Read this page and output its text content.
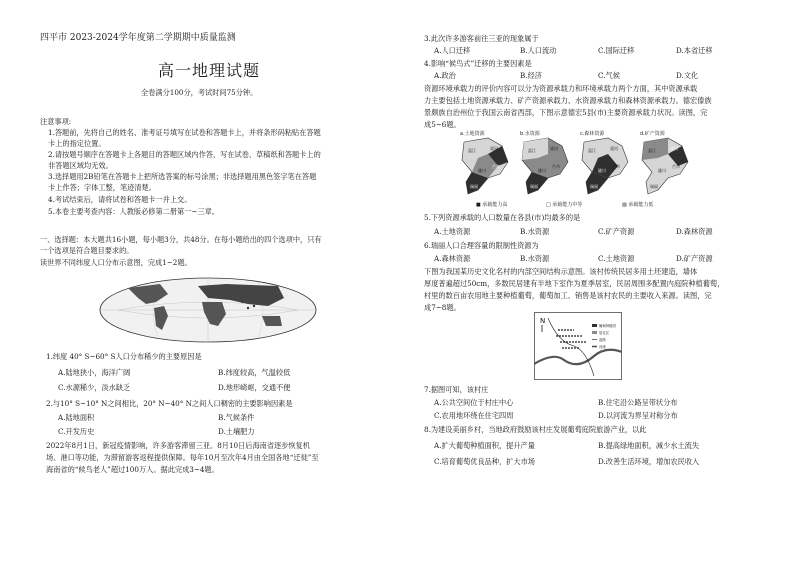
四平市 2023-2024学年度第二学期期中质量监测
高一地理试题
全卷满分100分，考试时间75分钟。
注意事项:
1.答题前，先将自己的姓名、准考证号填写在试卷和答题卡上，并将条形码粘贴在答题
卡上的指定位置。
2.请按题号顺序在答题卡上各题目的答题区域内作答，写在试卷、草稿纸和答题卡上的
非答题区域均无效。
3.选择题用2B铅笔在答题卡上把所选答案的标号涂黑；非选择题用黑色签字笔在答题
卡上作答；字体工整，笔迹清楚。
4.考试结束后，请将试卷和答题卡一并上交。
5.本卷主要考查内容：人教版必修第二册第一~三章。
一、选择题：本大题共16小题，每小题3分，共48分。在每小题给出的四个选项中，只有
一个选项是符合题目要求的。
读世界不同纬度人口分布示意图，完成1~2题。
1.纬度 40° S~60° S人口分布稀少的主要原因是
A.陆地狭小，海洋广阔	B.纬度较高，气温较低
C.水源稀少，淡水缺乏	D.地形崎岖，交通不便
2.与10° S~10° N之间相比，20° N~40° N之间人口稠密的主要影响因素是
A.陆地面积	B.气候条件
C.开发历史	D.土壤肥力
2022年8月1日，新冠疫情影响，许多游客滞留三亚。8月10日后海南省逐步恢复机
场、港口等功能，为滞留游客返程提供保障。每年10月至次年4月由全国各地“迁徙”至
海南省的“候鸟老人”超过100万人。据此完成3~4题。
3.此次许多游客前往三亚的现象属于
A.人口迁移	B.人口流动	C.国际迁移	D.本省迁移
4.影响“候鸟式”迁移的主要因素是
A.政治	B.经济	C.气候	D.文化
资源环境承载力的评价内容可以分为资源承载力和环境承载力两个方面，其中资源承载
力主要包括土地资源承载力、矿产资源承载力、水资源承载力和森林资源承载力。德宏傣族
景颇族自治州位于我国云南省西部，下图示意德宏5县(市)主要资源承载力状况。读图，完
成5~6题。
a.土地资源
盈江	梁河
芒市
陇川
瑞丽
b.水资源
盈江	梁河
芒市
陇川
瑞丽
c.森林资源
盈江	梁河
芒市
陇川
瑞丽
d.矿产资源
盈江	梁河
芒市
陇川
瑞丽
■ 承载能力高	□ 承载能力中等	▨ 承载能力低
5.下列资源承载的人口数量在各县(市)均最多的是
A.土地资源	B.水资源	C.矿产资源	D.森林资源
6.瑞丽人口合理容量的限制性资源为
A.森林资源	B.水资源	C.土地资源	D.矿产资源
下图为我国某历史文化名村的内部空间结构示意图。该村传统民居多用土坯建造，墙体
厚度普遍超过50cm，多数民居建有半地下室作为夏季居室，民居周围多配置内庭院种植葡萄，
村里的数百亩农用地主要种植葡萄，葡萄加工、销售是该村农民的主要收入来源。读图，完
成7~8题。
N
葡萄种植园
居住区
道路
河流
7.据图可知，该村庄
A.公共空间位于村庄中心	B.住宅沿公路呈带状分布
C.农用地环绕在住宅四周	D.以河流为界呈对称分布
8.为建设美丽乡村，当地政府鼓励该村庄发展葡萄庭院旅游产业，以此
A.扩大葡萄种植面积，提升产量	B.提高绿地面积，减少水土流失
C.培育葡萄优良品种，扩大市场	D.改善生活环境，增加农民收入
